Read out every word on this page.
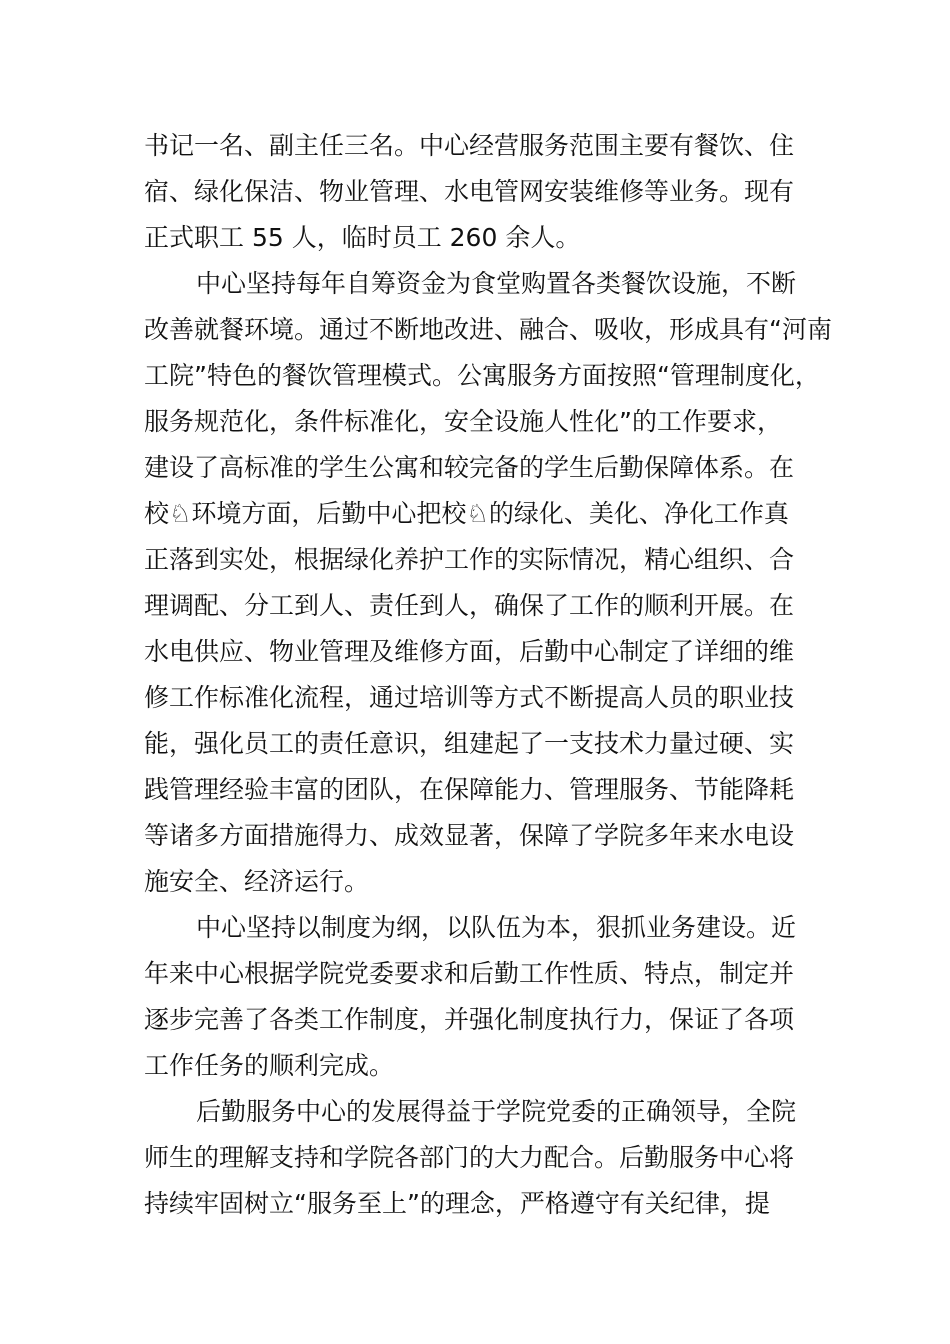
书记一名、副主任三名。中心经营服务范围主要有餐饮、住
宿、绿化保洁、物业管理、水电管网安装维修等业务。现有
正式职工 55 人，临时员工 260 余人。
中心坚持每年自筹资金为食堂购置各类餐饮设施，不断
改善就餐环境。通过不断地改进、融合、吸收，形成具有“河南
工院”特色的餐饮管理模式。公寓服务方面按照“管理制度化，
服务规范化，条件标准化，安全设施人性化”的工作要求，
建设了高标准的学生公寓和较完备的学生后勤保障体系。在
校♘环境方面，后勤中心把校♘的绿化、美化、净化工作真
正落到实处，根据绿化养护工作的实际情况，精心组织、合
理调配、分工到人、责任到人，确保了工作的顺利开展。在
水电供应、物业管理及维修方面，后勤中心制定了详细的维
修工作标准化流程，通过培训等方式不断提高人员的职业技
能，强化员工的责任意识，组建起了一支技术力量过硬、实
践管理经验丰富的团队，在保障能力、管理服务、节能降耗
等诸多方面措施得力、成效显著，保障了学院多年来水电设
施安全、经济运行。
中心坚持以制度为纲，以队伍为本，狠抓业务建设。近
年来中心根据学院党委要求和后勤工作性质、特点，制定并
逐步完善了各类工作制度，并强化制度执行力，保证了各项
工作任务的顺利完成。
后勤服务中心的发展得益于学院党委的正确领导，全院
师生的理解支持和学院各部门的大力配合。后勤服务中心将
持续牢固树立“服务至上”的理念，严格遵守有关纪律，提
